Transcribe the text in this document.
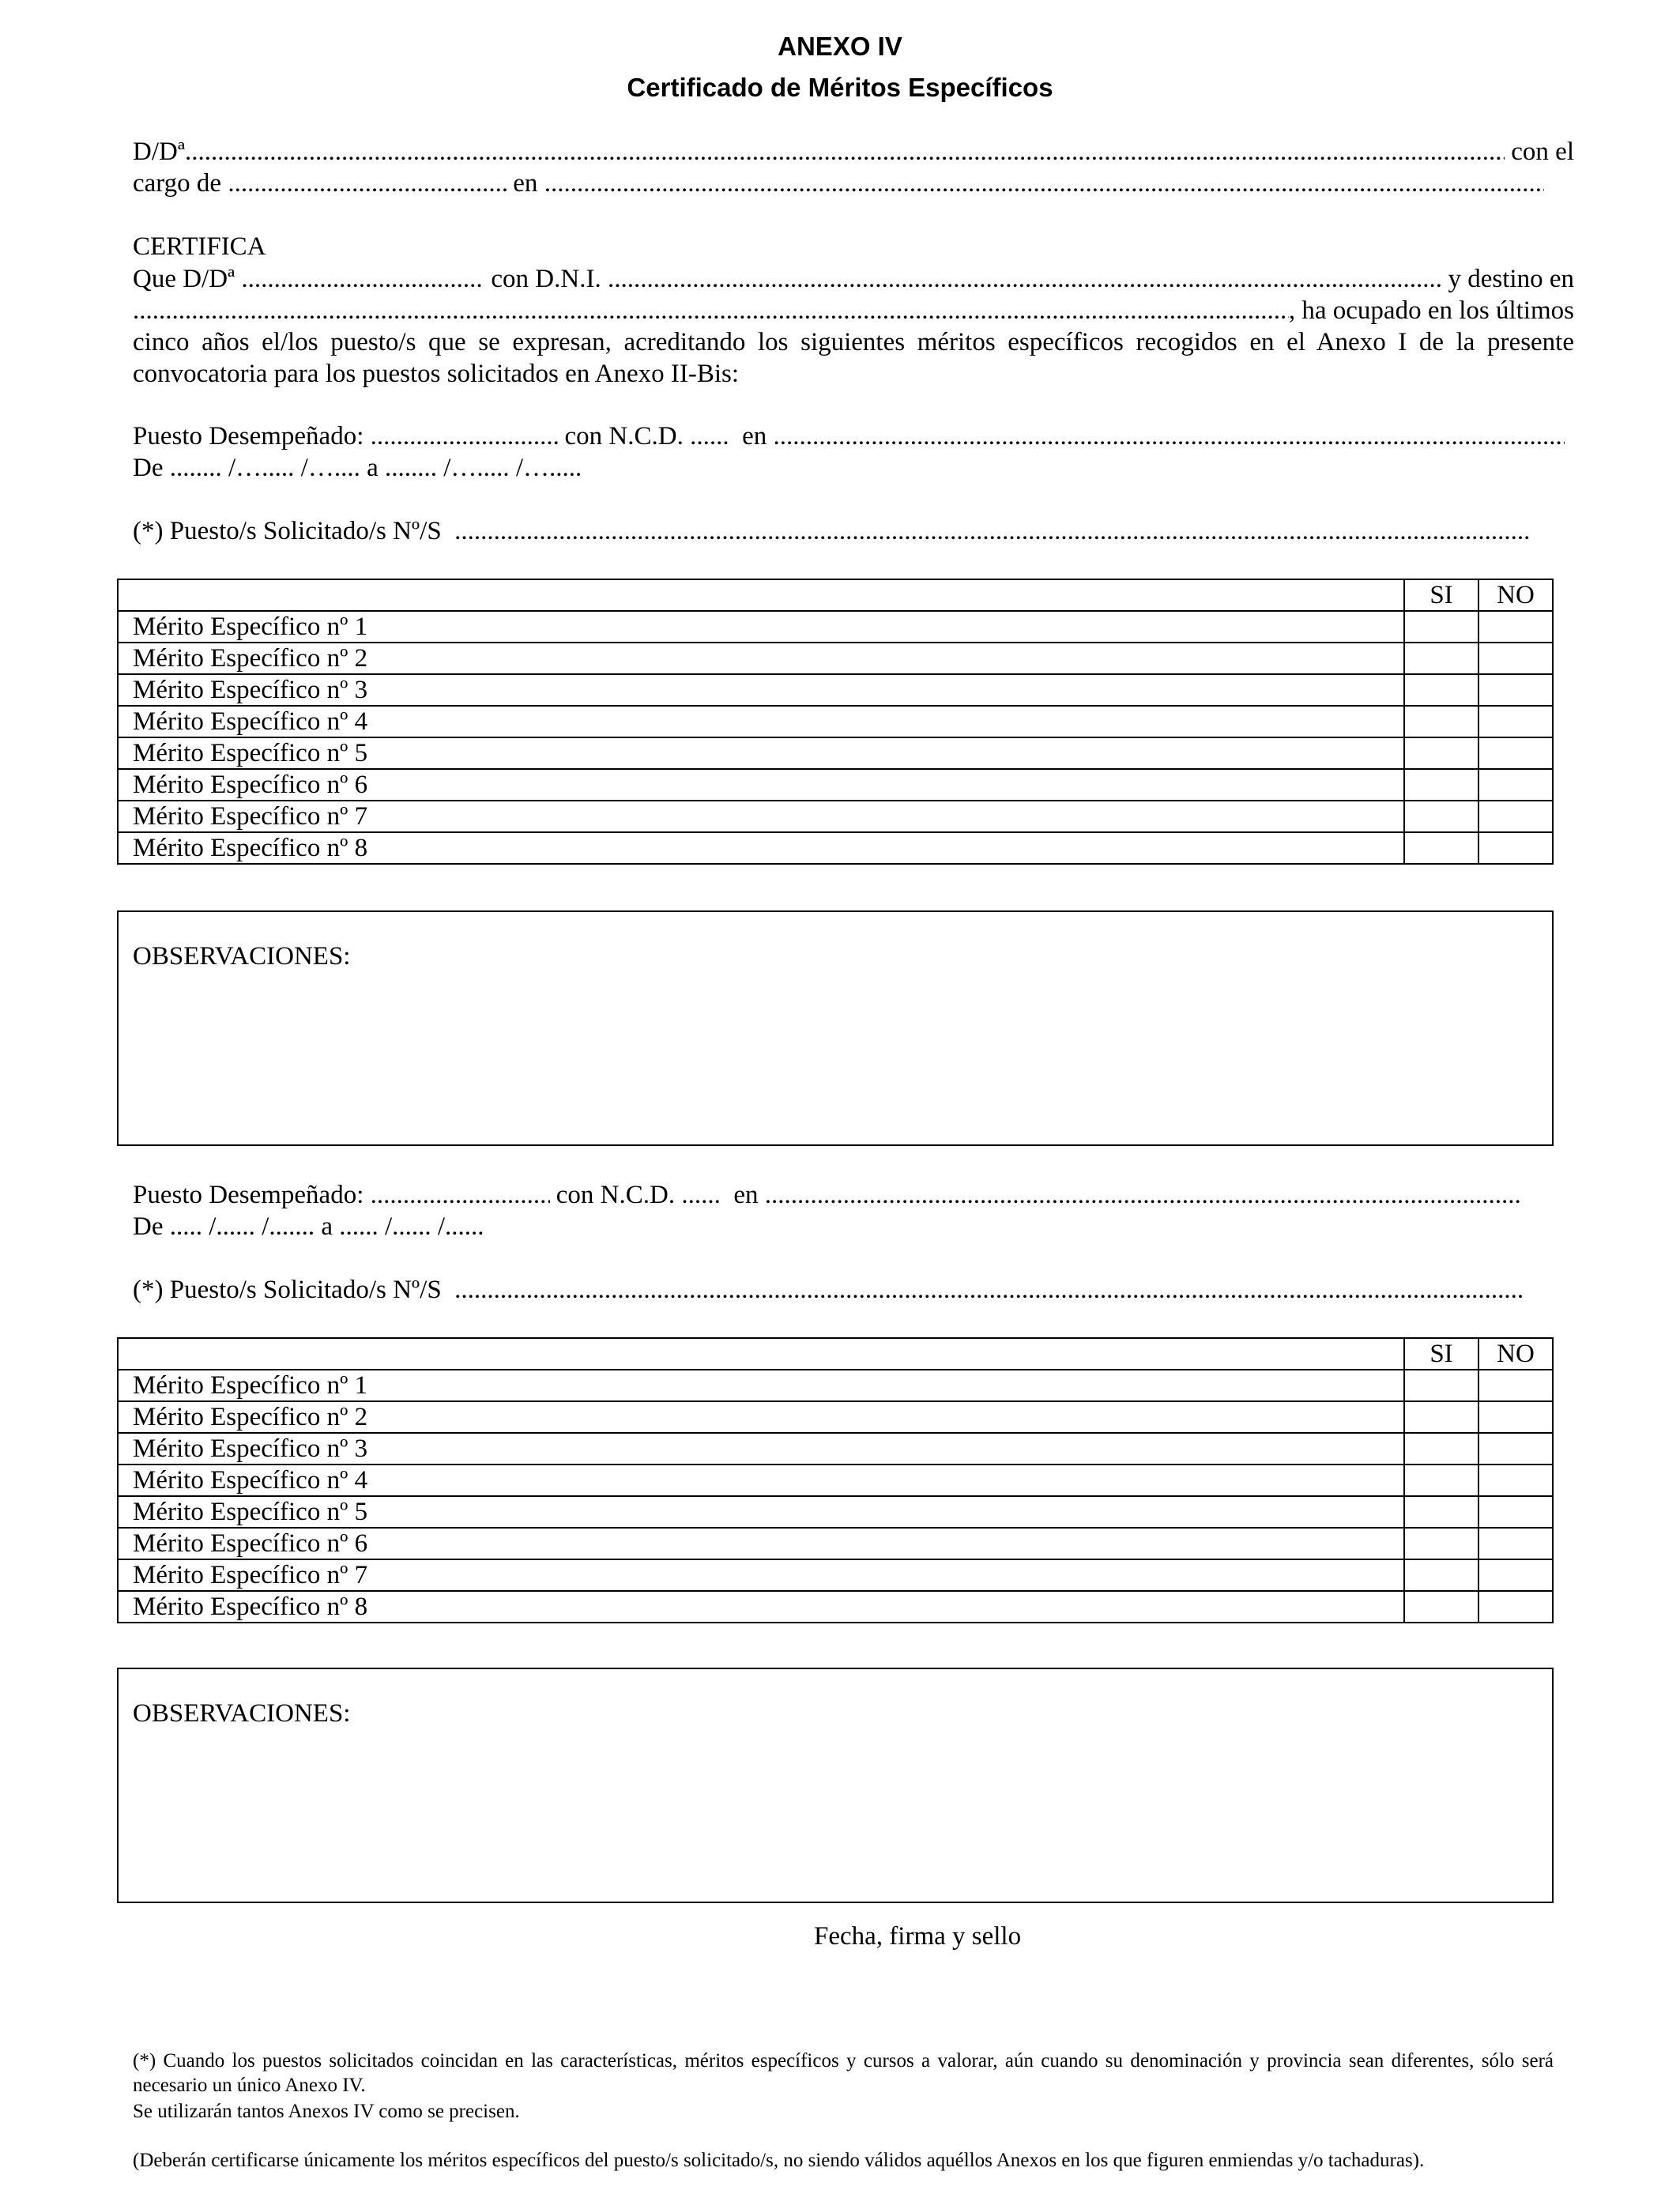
ANEXO IV
Certificado de Méritos Específicos
D/Dª .....	con el
cargo de .....	en
.....
CERTIFICA
Que D/Dª .....	con D.N.I. .....	y destino en
.....
, ha ocupado en los últimos
cinco años el/los puesto/s que se expresan, acreditando los siguientes méritos específicos recogidos en el Anexo I de la presente
convocatoria para los puestos solicitados en Anexo II-Bis:
Puesto Desempeñado: .....	con N.C.D. ......  en
.....
De ........ /…..... /….... a ........ /…..... /….....
(*) Puesto/s Solicitado/s Nº/S
.....
	SI	NO
Mérito Específico nº 1		
Mérito Específico nº 2		
Mérito Específico nº 3		
Mérito Específico nº 4		
Mérito Específico nº 5		
Mérito Específico nº 6		
Mérito Específico nº 7		
Mérito Específico nº 8		
OBSERVACIONES:
Puesto Desempeñado: .....	con N.C.D. ......  en
.....
De ..... /...... /....... a ...... /...... /......
(*) Puesto/s Solicitado/s Nº/S
.....
	SI	NO
Mérito Específico nº 1		
Mérito Específico nº 2		
Mérito Específico nº 3		
Mérito Específico nº 4		
Mérito Específico nº 5		
Mérito Específico nº 6		
Mérito Específico nº 7		
Mérito Específico nº 8		
OBSERVACIONES:
Fecha, firma y sello
(*) Cuando los puestos solicitados coincidan en las características, méritos específicos y cursos a valorar, aún cuando su denominación y provincia sean diferentes, sólo será necesario un único Anexo IV.
Se utilizarán tantos Anexos IV como se precisen.
(Deberán certificarse únicamente los méritos específicos del puesto/s solicitado/s, no siendo válidos aquéllos Anexos en los que figuren enmiendas y/o tachaduras).
